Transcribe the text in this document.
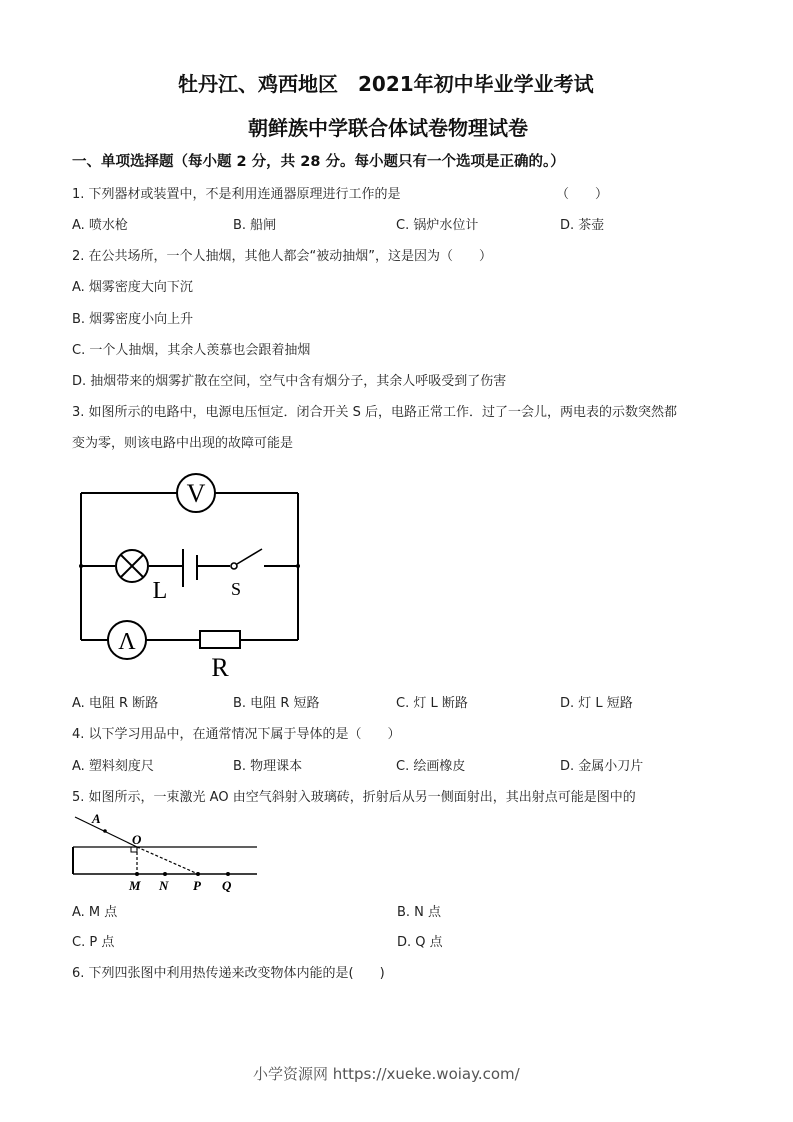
牡丹江、鸡西地区　2021年初中毕业学业考试
朝鲜族中学联合体试卷物理试卷
一、单项选择题（每小题 2 分，共 28 分。每小题只有一个选项是正确的。）
1. 下列器材或装置中，不是利用连通器原理进行工作的是	（　　）
A. 喷水枪	B. 船闸	C. 锅炉水位计	D. 茶壶
2. 在公共场所，一个人抽烟，其他人都会“被动抽烟”，这是因为（　　）
A. 烟雾密度大向下沉
B. 烟雾密度小向上升
C. 一个人抽烟，其余人羡慕也会跟着抽烟
D. 抽烟带来的烟雾扩散在空间，空气中含有烟分子，其余人呼吸受到了伤害
3. 如图所示的电路中，电源电压恒定．闭合开关 S 后，电路正常工作．过了一会儿，两电表的示数突然都
变为零，则该电路中出现的故障可能是
V
L	S
Λ
R
A. 电阻 R 断路	B. 电阻 R 短路	C. 灯 L 断路	D. 灯 L 短路
4. 以下学习用品中，在通常情况下属于导体的是（　　）
A. 塑料刻度尺	B. 物理课本	C. 绘画橡皮	D. 金属小刀片
5. 如图所示，一束激光 AO 由空气斜射入玻璃砖，折射后从另一侧面射出，其出射点可能是图中的
A
O
M N P Q
A. M 点	B. N 点
C. P 点	D. Q 点
6. 下列四张图中利用热传递来改变物体内能的是(　　)
小学资源网 https://xueke.woiay.com/
